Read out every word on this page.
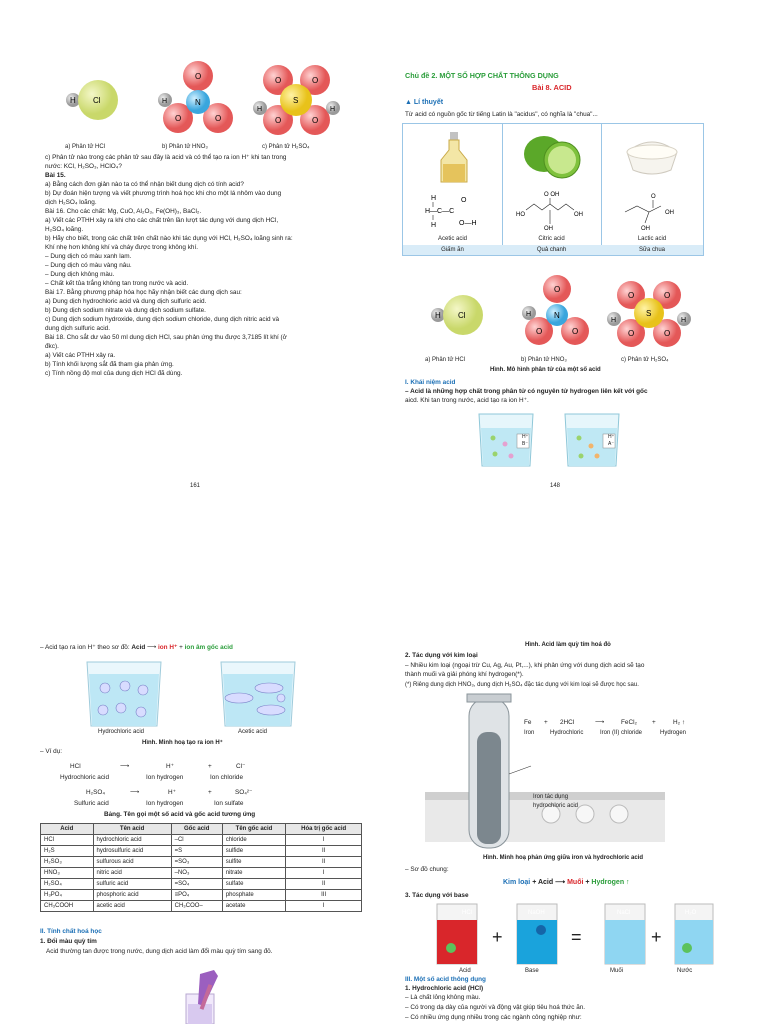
H Cl	H
O
O	O
N
O	O
O	O
S
H	H
a) Phân tử HCl	b) Phân tử HNO₃	c) Phân tử H₂SO₄
c) Phân tử nào trong các phân tử sau đây là acid và có thể tạo ra ion H⁺ khi tan trong
nước: KCl, H₂SO₃, HClO₄?
Bài 15.
a) Bằng cách đơn giản nào ta có thể nhận biết dung dịch có tính acid?
b) Dự đoán hiện tượng và viết phương trình hoá học khi cho một lá nhôm vào dung
dịch H₂SO₄ loãng.
Bài 16. Cho các chất: Mg, CuO, Al₂O₃, Fe(OH)₃, BaCl₂.
a) Viết các PTHH xảy ra khi cho các chất trên lần lượt tác dụng với dung dịch HCl,
H₂SO₄ loãng.
b) Hãy cho biết, trong các chất trên chất nào khi tác dụng với HCl, H₂SO₄ loãng sinh ra:
Khí nhẹ hơn không khí và cháy được trong không khí.
– Dung dịch có màu xanh lam.
– Dung dịch có màu vàng nâu.
– Dung dịch không màu.
– Chất kết tủa trắng không tan trong nước và acid.
Bài 17. Bằng phương pháp hóa học hãy nhận biết các dung dịch sau:
a) Dung dịch hydrochloric acid và dung dịch sulfuric acid.
b) Dung dịch sodium nitrate và dung dịch sodium sulfate.
c) Dung dịch sodium hydroxide, dung dịch sodium chloride, dung dịch nitric acid và
dung dịch sulfuric acid.
Bài 18. Cho sắt dư vào 50 ml dung dịch HCl, sau phản ứng thu được 3,7185 lít khí (ở
đkc).
a) Viết các PTHH xảy ra.
b) Tính khối lượng sắt đã tham gia phản ứng.
c) Tính nồng độ mol của dung dịch HCl đã dùng.
161
Chủ đề 2. MỘT SỐ HỢP CHẤT THÔNG DỤNG
Bài 8. ACID
▲ Lí thuyết
Từ acid có nguồn gốc từ tiếng Latin là "acidus", có nghĩa là "chua"...
H
H—C—C
H
O
O—H
Acetic acid
Giấm ăn
O OH
HO	OH
OH
Citric acid
Quả chanh
O
OH
OH
Lactic acid
Sữa chua
H Cl	H
O
O	O
N
O	O
O	O
S
H	H
a) Phân tử HCl	b) Phân tử HNO₃	c) Phân tử H₂SO₄
Hình. Mô hình phân tử của một số acid
I. Khái niệm acid
– Acid là những hợp chất trong phân tử có nguyên tử hydrogen liên kết với gốc
aicd. Khi tan trong nước, acid tạo ra ion H⁺.
H⁺
B⁻
H⁺
A⁻
148
– Acid tạo ra ion H⁺ theo sơ đồ: Acid ⟶ ion H⁺ + ion âm gốc acid
Hydrochloric acid	Acetic acid
Hình. Minh hoạ tạo ra ion H⁺
– Ví dụ:
HCl	⟶	H⁺	+	Cl⁻
Hydrochloric acid	Ion hydrogen	Ion chloride
H₂SO₄	⟶	H⁺	+	SO₄²⁻
Sulfuric acid	Ion hydrogen	Ion sulfate
Bảng. Tên gọi một số acid và gốc acid tương ứng
Acid	Tên acid	Gốc acid	Tên gốc acid	Hóa trị gốc acid
HCl	hydrochloric acid	–Cl	chloride	I
H₂S	hydrosulfuric acid	=S	sulfide	II
H₂SO₃	sulfurous acid	=SO₃	sulfite	II
HNO₃	nitric acid	–NO₃	nitrate	I
H₂SO₄	sulfuric acid	=SO₄	sulfate	II
H₃PO₄	phosphoric acid	≡PO₄	phosphate	III
CH₃COOH	acetic acid	CH₃COO–	acetate	I
II. Tính chất hoá học
1. Đổi màu quỳ tím
Acid thường tan được trong nước, dung dịch acid làm đổi màu quỳ tím sang đỏ.
Hình. Acid làm quỳ tím hoá đỏ
2. Tác dụng với kim loại
– Nhiều kim loại (ngoại trừ Cu, Ag, Au, Pt,...), khi phản ứng với dung dịch acid sẽ tạo
thành muối và giải phóng khí hydrogen(*).
(*) Riêng dung dịch HNO₃, dung dịch H₂SO₄ đặc tác dụng với kim loại sẽ được học sau.
Fe + 2HCl	⟶	FeCl₂ +	H₂ ↑
Iron	Hydrochloric	Iron (II) chloride	Hydrogen
Iron tác dụng
hydrochloric acid
Hình. Minh hoạ phản ứng giữa iron và hydrochloric acid
– Sơ đồ chung:
Kim loại + Acid ⟶ Muối + Hydrogen ↑
3. Tác dụng với base
HCl	NaOH	NaCl	H₂O
+	=	+
Acid	Base	Muối	Nước
III. Một số acid thông dụng
1. Hydrochloric acid (HCl)
– Là chất lỏng không màu.
– Có trong dạ dày của người và động vật giúp tiêu hoá thức ăn.
– Có nhiều ứng dụng nhiều trong các ngành công nghiệp như:
